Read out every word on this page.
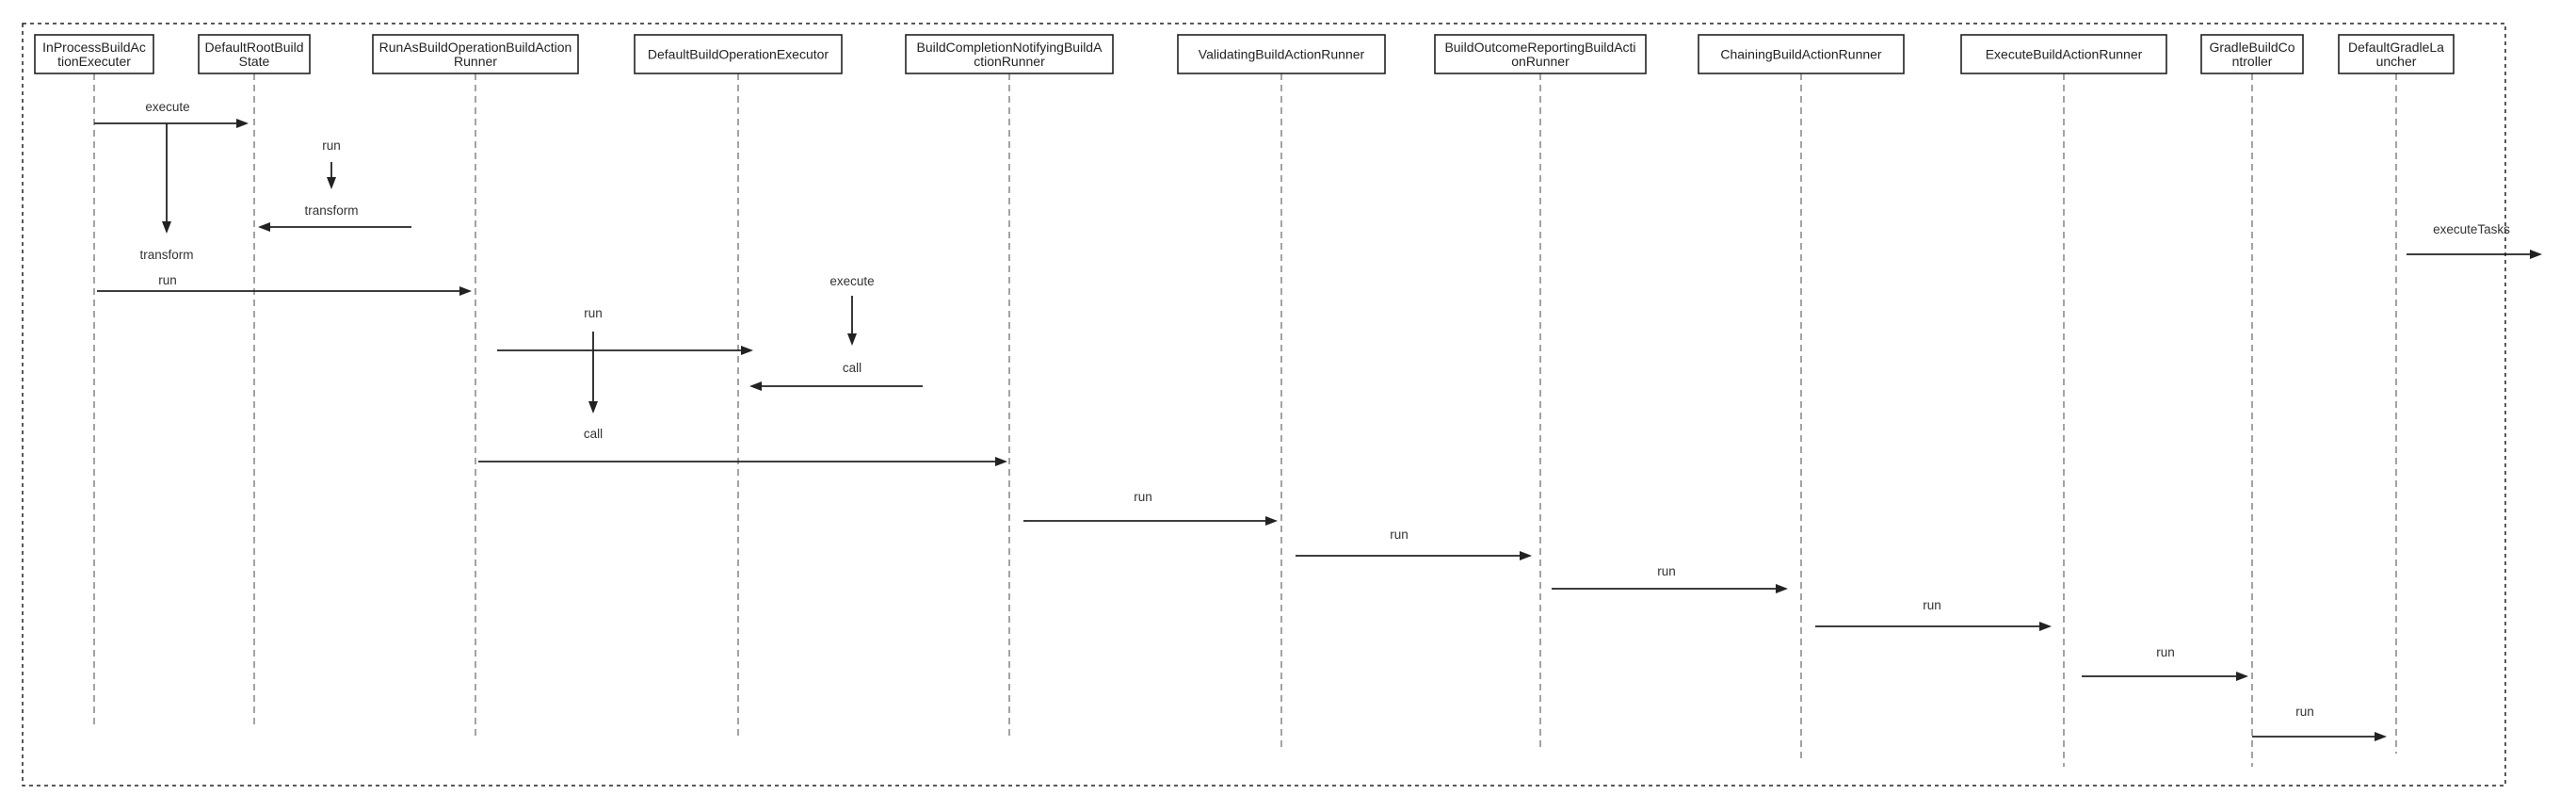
InProcessBuildAc
tionExecuter
DefaultRootBuild
State
RunAsBuildOperationBuildAction
Runner	DefaultBuildOperationExecutor	BuildCompletionNotifyingBuildA
ctionRunner	ValidatingBuildActionRunner	BuildOutcomeReportingBuildActi
onRunner	ChainingBuildActionRunner	ExecuteBuildActionRunner	GradleBuildCo
ntroller
DefaultGradleLa
uncher
execute
transform
run
transform
run
run
execute
call
call
run
run
run
run
run
run
executeTasks
